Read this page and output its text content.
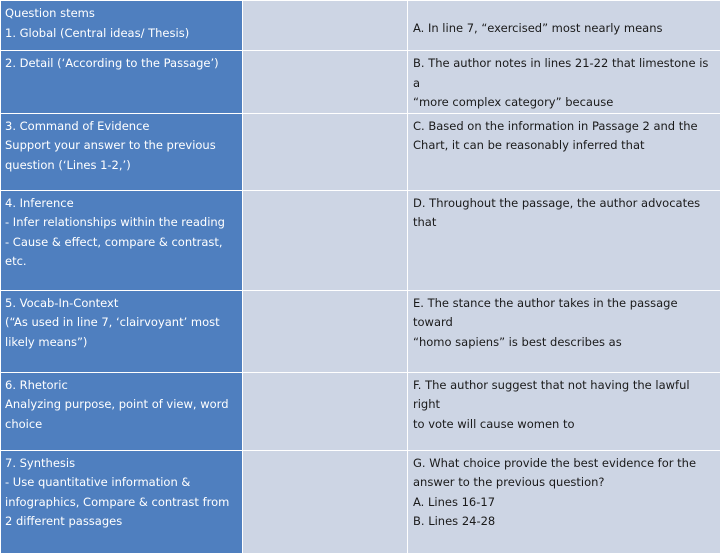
Question stems
1. Global (Central ideas/ Thesis)		A. In line 7, “exercised” most nearly means

2. Detail (‘According to the Passage’)		B. The author notes in lines 21-22 that limestone is a
“more complex category” because

3. Command of Evidence
Support your answer to the previous
question (‘Lines 1-2,’)		C. Based on the information in Passage 2 and the
Chart, it can be reasonably inferred that

4. Inference
- Infer relationships within the reading
- Cause & effect, compare & contrast,
etc.		D. Throughout the passage, the author advocates
that

5. Vocab-In-Context
(“As used in line 7, ‘clairvoyant’ most
likely means”)		E. The stance the author takes in the passage toward
“homo sapiens” is best describes as

6. Rhetoric
Analyzing purpose, point of view, word
choice		F. The author suggest that not having the lawful right
to vote will cause women to

7. Synthesis
- Use quantitative information &
infographics, Compare & contrast from
2 different passages		G. What choice provide the best evidence for the
answer to the previous question?
A. Lines 16-17
B. Lines 24-28
